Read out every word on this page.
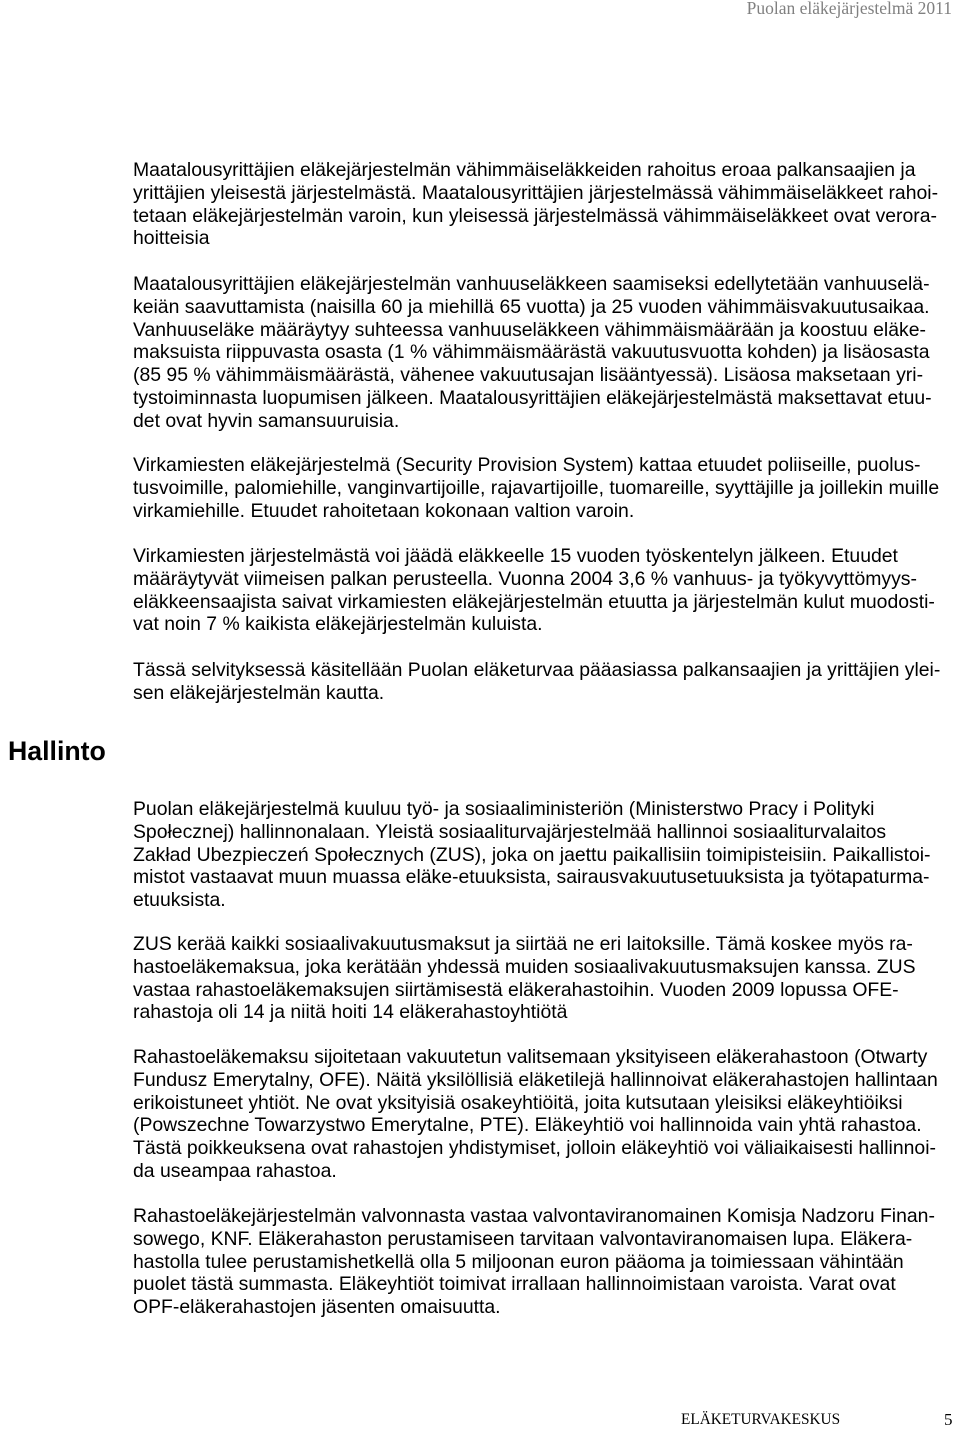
Puolan eläkejärjestelmä 2011
Maatalousyrittäjien eläkejärjestelmän vähimmäiseläkkeiden rahoitus eroaa palkansaajien ja
yrittäjien yleisestä järjestelmästä. Maatalousyrittäjien järjestelmässä vähimmäiseläkkeet rahoi-
tetaan eläkejärjestelmän varoin, kun yleisessä järjestelmässä vähimmäiseläkkeet ovat verora-
hoitteisia
Maatalousyrittäjien eläkejärjestelmän vanhuuseläkkeen saamiseksi edellytetään vanhuuselä-
keiän saavuttamista (naisilla 60 ja miehillä 65 vuotta) ja 25 vuoden vähimmäisvakuutusaikaa.
Vanhuuseläke määräytyy suhteessa vanhuuseläkkeen vähimmäismäärään ja koostuu eläke-
maksuista riippuvasta osasta (1 % vähimmäismäärästä vakuutusvuotta kohden) ja lisäosasta
(85 95 % vähimmäismäärästä, vähenee vakuutusajan lisääntyessä). Lisäosa maksetaan yri-
tystoiminnasta luopumisen jälkeen. Maatalousyrittäjien eläkejärjestelmästä maksettavat etuu-
det ovat hyvin samansuuruisia.
Virkamiesten eläkejärjestelmä (Security Provision System) kattaa etuudet poliiseille, puolus-
tusvoimille, palomiehille, vanginvartijoille, rajavartijoille, tuomareille, syyttäjille ja joillekin muille
virkamiehille. Etuudet rahoitetaan kokonaan valtion varoin.
Virkamiesten järjestelmästä voi jäädä eläkkeelle 15 vuoden työskentelyn jälkeen. Etuudet
määräytyvät viimeisen palkan perusteella. Vuonna 2004 3,6 % vanhuus- ja työkyvyttömyys-
eläkkeensaajista saivat virkamiesten eläkejärjestelmän etuutta ja järjestelmän kulut muodosti-
vat noin 7 % kaikista eläkejärjestelmän kuluista.
Tässä selvityksessä käsitellään Puolan eläketurvaa pääasiassa palkansaajien ja yrittäjien ylei-
sen eläkejärjestelmän kautta.
Hallinto
Puolan eläkejärjestelmä kuuluu työ- ja sosiaaliministeriön (Ministerstwo Pracy i Polityki
Społecznej) hallinnonalaan. Yleistä sosiaaliturvajärjestelmää hallinnoi sosiaaliturvalaitos
Zakład Ubezpieczeń Społecznych (ZUS), joka on jaettu paikallisiin toimipisteisiin. Paikallistoi-
mistot vastaavat muun muassa eläke-etuuksista, sairausvakuutusetuuksista ja työtapaturma-
etuuksista.
ZUS kerää kaikki sosiaalivakuutusmaksut ja siirtää ne eri laitoksille. Tämä koskee myös ra-
hastoeläkemaksua, joka kerätään yhdessä muiden sosiaalivakuutusmaksujen kanssa. ZUS
vastaa rahastoeläkemaksujen siirtämisestä eläkerahastoihin. Vuoden 2009 lopussa OFE-
rahastoja oli 14 ja niitä hoiti 14 eläkerahastoyhtiötä
Rahastoeläkemaksu sijoitetaan vakuutetun valitsemaan yksityiseen eläkerahastoon (Otwarty
Fundusz Emerytalny, OFE). Näitä yksilöllisiä eläketilejä hallinnoivat eläkerahastojen hallintaan
erikoistuneet yhtiöt. Ne ovat yksityisiä osakeyhtiöitä, joita kutsutaan yleisiksi eläkeyhtiöiksi
(Powszechne Towarzystwo Emerytalne, PTE). Eläkeyhtiö voi hallinnoida vain yhtä rahastoa.
Tästä poikkeuksena ovat rahastojen yhdistymiset, jolloin eläkeyhtiö voi väliaikaisesti hallinnoi-
da useampaa rahastoa.
Rahastoeläkejärjestelmän valvonnasta vastaa valvontaviranomainen Komisja Nadzoru Finan-
sowego, KNF. Eläkerahaston perustamiseen tarvitaan valvontaviranomaisen lupa. Eläkera-
hastolla tulee perustamishetkellä olla 5 miljoonan euron pääoma ja toimiessaan vähintään
puolet tästä summasta. Eläkeyhtiöt toimivat irrallaan hallinnoimistaan varoista. Varat ovat
OPF-eläkerahastojen jäsenten omaisuutta.
ELÄKETURVAKESKUS	5
